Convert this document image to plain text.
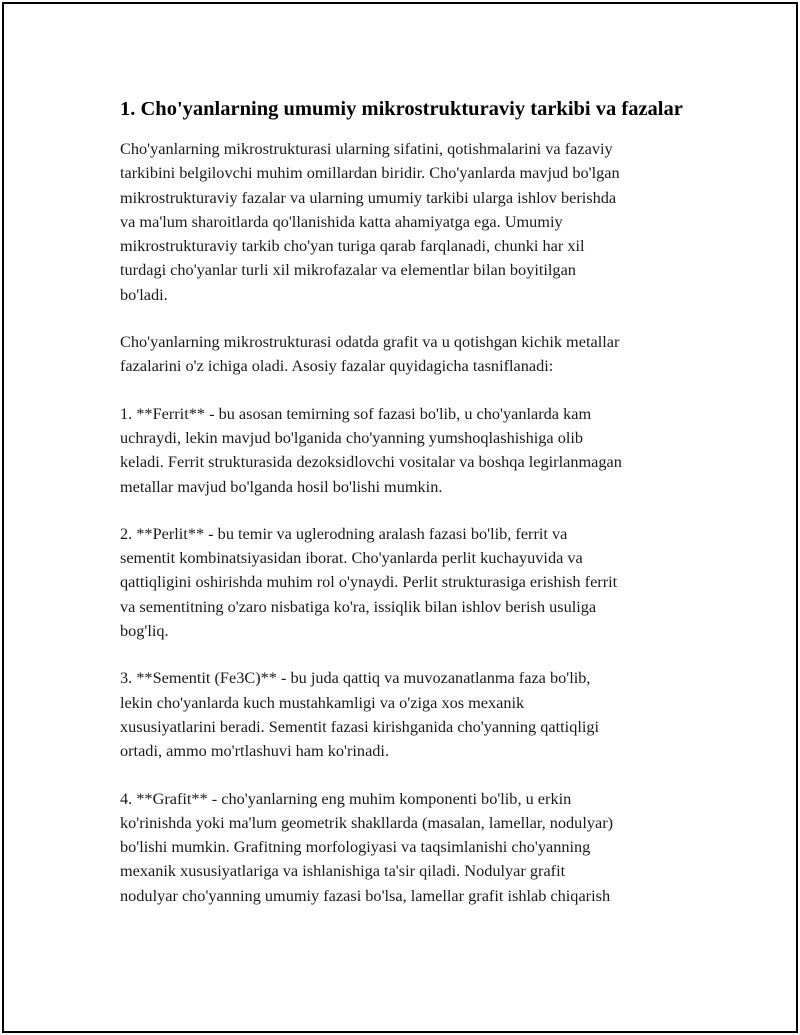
1. Cho'yanlarning umumiy mikrostrukturaviy tarkibi va fazalar

Cho'yanlarning mikrostrukturasi ularning sifatini, qotishmalarini va fazaviy
tarkibini belgilovchi muhim omillardan biridir. Cho'yanlarda mavjud bo'lgan
mikrostrukturaviy fazalar va ularning umumiy tarkibi ularga ishlov berishda
va ma'lum sharoitlarda qo'llanishida katta ahamiyatga ega. Umumiy
mikrostrukturaviy tarkib cho'yan turiga qarab farqlanadi, chunki har xil
turdagi cho'yanlar turli xil mikrofazalar va elementlar bilan boyitilgan
bo'ladi.

Cho'yanlarning mikrostrukturasi odatda grafit va u qotishgan kichik metallar
fazalarini o'z ichiga oladi. Asosiy fazalar quyidagicha tasniflanadi:

1. **Ferrit** - bu asosan temirning sof fazasi bo'lib, u cho'yanlarda kam
uchraydi, lekin mavjud bo'lganida cho'yanning yumshoqlashishiga olib
keladi. Ferrit strukturasida dezoksidlovchi vositalar va boshqa legirlanmagan
metallar mavjud bo'lganda hosil bo'lishi mumkin.

2. **Perlit** - bu temir va uglerodning aralash fazasi bo'lib, ferrit va
sementit kombinatsiyasidan iborat. Cho'yanlarda perlit kuchayuvida va
qattiqligini oshirishda muhim rol o'ynaydi. Perlit strukturasiga erishish ferrit
va sementitning o'zaro nisbatiga ko'ra, issiqlik bilan ishlov berish usuliga
bog'liq.

3. **Sementit (Fe3C)** - bu juda qattiq va muvozanatlanma faza bo'lib,
lekin cho'yanlarda kuch mustahkamligi va o'ziga xos mexanik
xususiyatlarini beradi. Sementit fazasi kirishganida cho'yanning qattiqligi
ortadi, ammo mo'rtlashuvi ham ko'rinadi.

4. **Grafit** - cho'yanlarning eng muhim komponenti bo'lib, u erkin
ko'rinishda yoki ma'lum geometrik shakllarda (masalan, lamellar, nodulyar)
bo'lishi mumkin. Grafitning morfologiyasi va taqsimlanishi cho'yanning
mexanik xususiyatlariga va ishlanishiga ta'sir qiladi. Nodulyar grafit
nodulyar cho'yanning umumiy fazasi bo'lsa, lamellar grafit ishlab chiqarish
